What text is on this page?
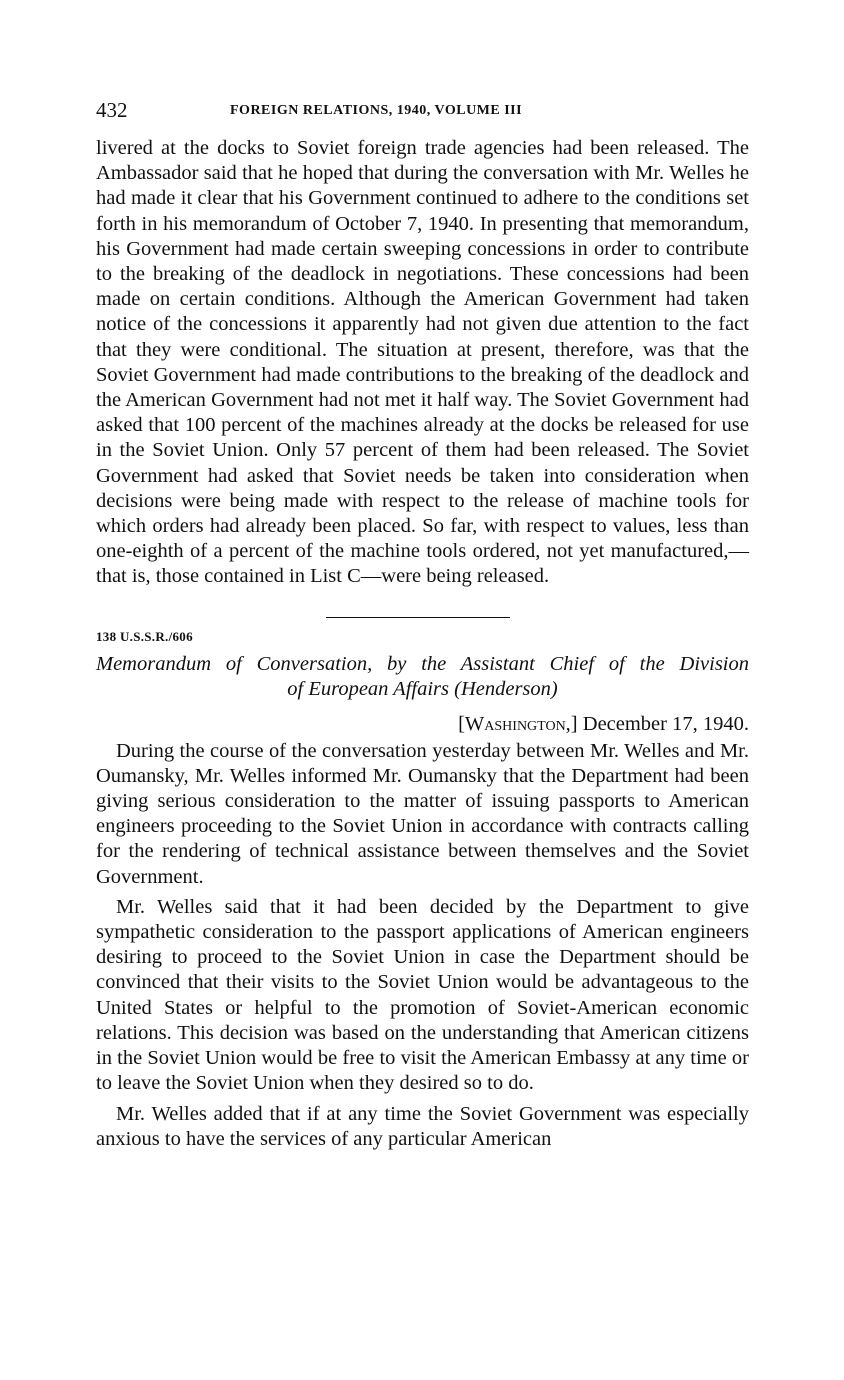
432	FOREIGN RELATIONS, 1940, VOLUME III

livered at the docks to Soviet foreign trade agencies had been released. The Ambassador said that he hoped that during the conversation with Mr. Welles he had made it clear that his Government continued to adhere to the conditions set forth in his memorandum of October 7, 1940. In presenting that memorandum, his Government had made certain sweeping concessions in order to contribute to the breaking of the deadlock in negotiations. These concessions had been made on certain conditions. Although the American Government had taken notice of the concessions it apparently had not given due attention to the fact that they were conditional. The situation at present, therefore, was that the Soviet Government had made contributions to the breaking of the deadlock and the American Government had not met it half way. The Soviet Government had asked that 100 percent of the machines already at the docks be released for use in the Soviet Union. Only 57 percent of them had been released. The Soviet Government had asked that Soviet needs be taken into consideration when decisions were being made with respect to the release of machine tools for which orders had already been placed. So far, with respect to values, less than one-eighth of a percent of the machine tools ordered, not yet manufactured,—that is, those contained in List C—were being released.

138 U.S.S.R./606
Memorandum of Conversation, by the Assistant Chief of the Division
of European Affairs (Henderson)
[Washington,] December 17, 1940.

During the course of the conversation yesterday between Mr. Welles and Mr. Oumansky, Mr. Welles informed Mr. Oumansky that the Department had been giving serious consideration to the matter of issuing passports to American engineers proceeding to the Soviet Union in accordance with contracts calling for the rendering of technical assistance between themselves and the Soviet Government.

Mr. Welles said that it had been decided by the Department to give sympathetic consideration to the passport applications of American engineers desiring to proceed to the Soviet Union in case the Department should be convinced that their visits to the Soviet Union would be advantageous to the United States or helpful to the promotion of Soviet-American economic relations. This decision was based on the understanding that American citizens in the Soviet Union would be free to visit the American Embassy at any time or to leave the Soviet Union when they desired so to do.

Mr. Welles added that if at any time the Soviet Government was especially anxious to have the services of any particular American
